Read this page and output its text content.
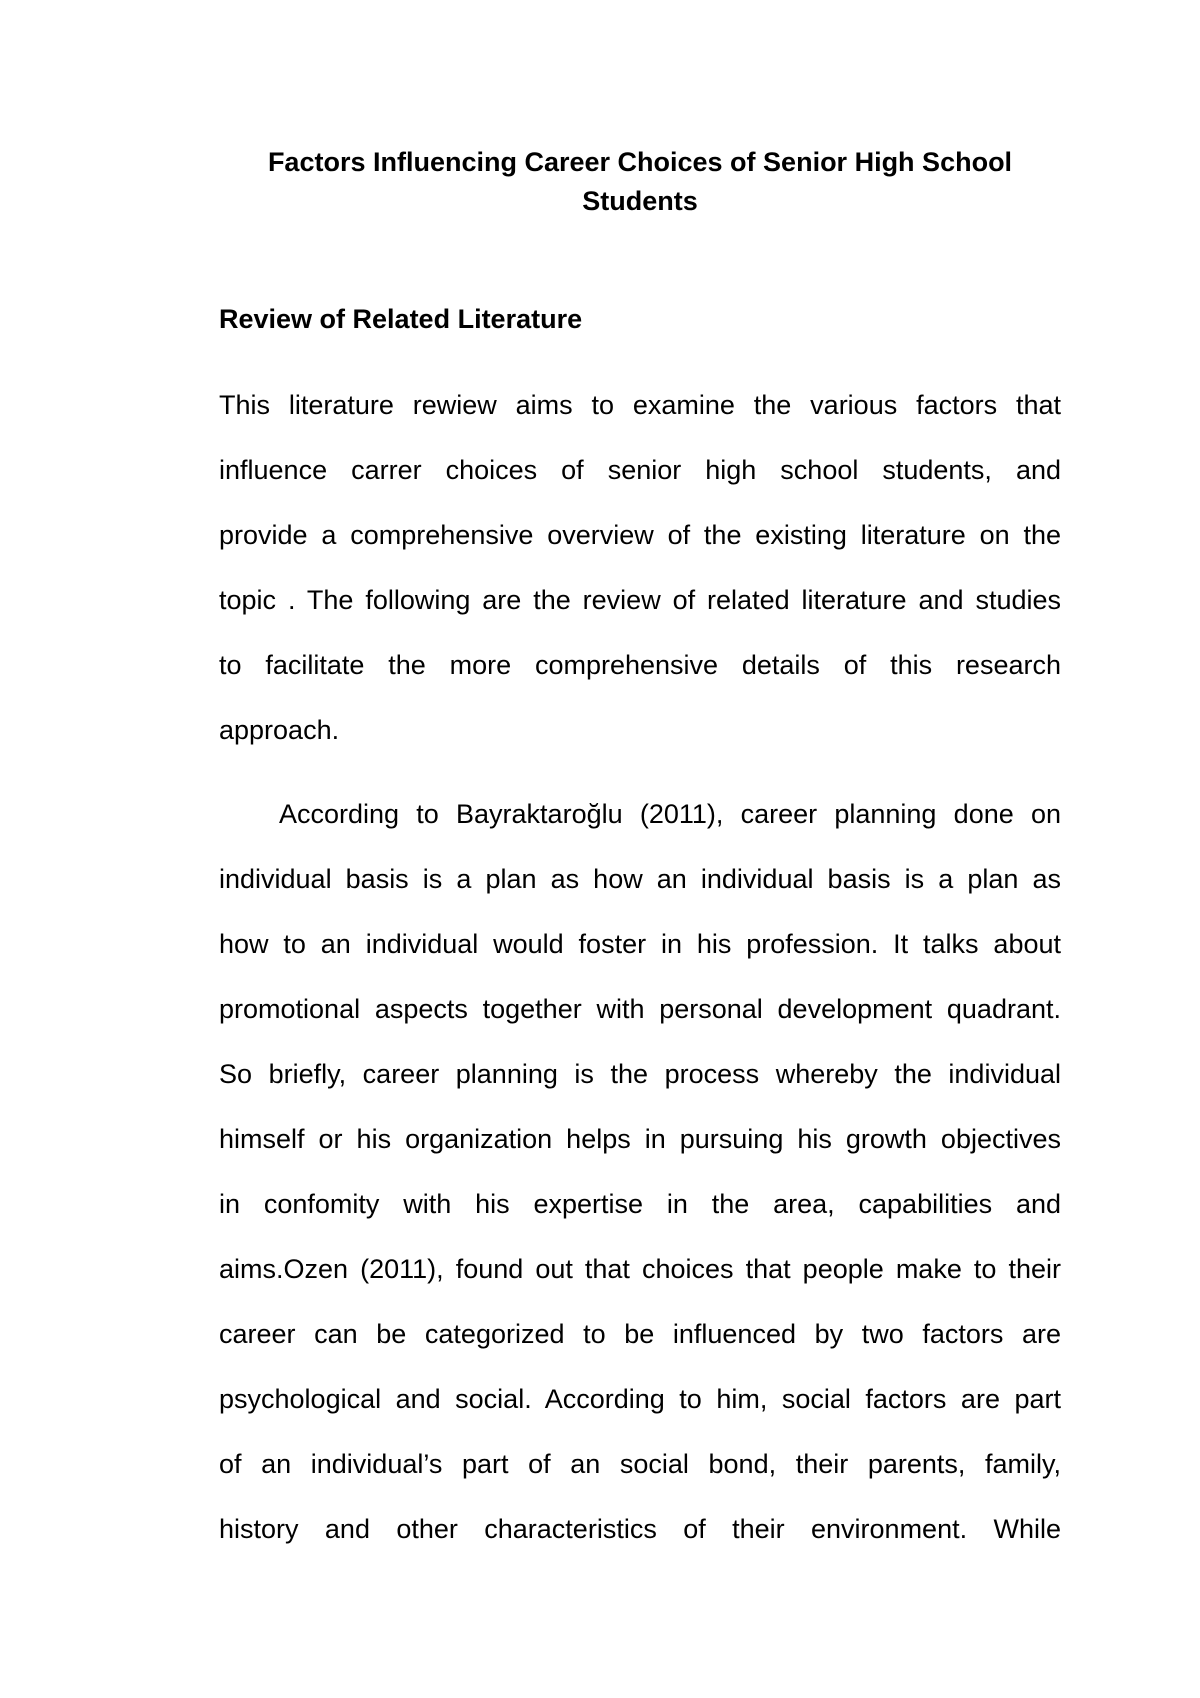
Factors Influencing Career Choices of Senior High School
Students
Review of Related Literature
This literature rewiew aims to examine the various factors that
influence carrer choices of senior high school students, and
provide a comprehensive overview of the existing literature on the
topic . The following are the review of related literature and studies
to facilitate the more comprehensive details of this research
approach.
According to Bayraktaroğlu (2011), career planning done on
individual basis is a plan as how an individual basis is a plan as
how to an individual would foster in his profession. It talks about
promotional aspects together with personal development quadrant.
So briefly, career planning is the process whereby the individual
himself or his organization helps in pursuing his growth objectives
in confomity with his expertise in the area, capabilities and
aims.Ozen (2011), found out that choices that people make to their
career can be categorized to be influenced by two factors are
psychological and social. According to him, social factors are part
of an individual’s part of an social bond, their parents, family,
history and other characteristics of their environment. While
